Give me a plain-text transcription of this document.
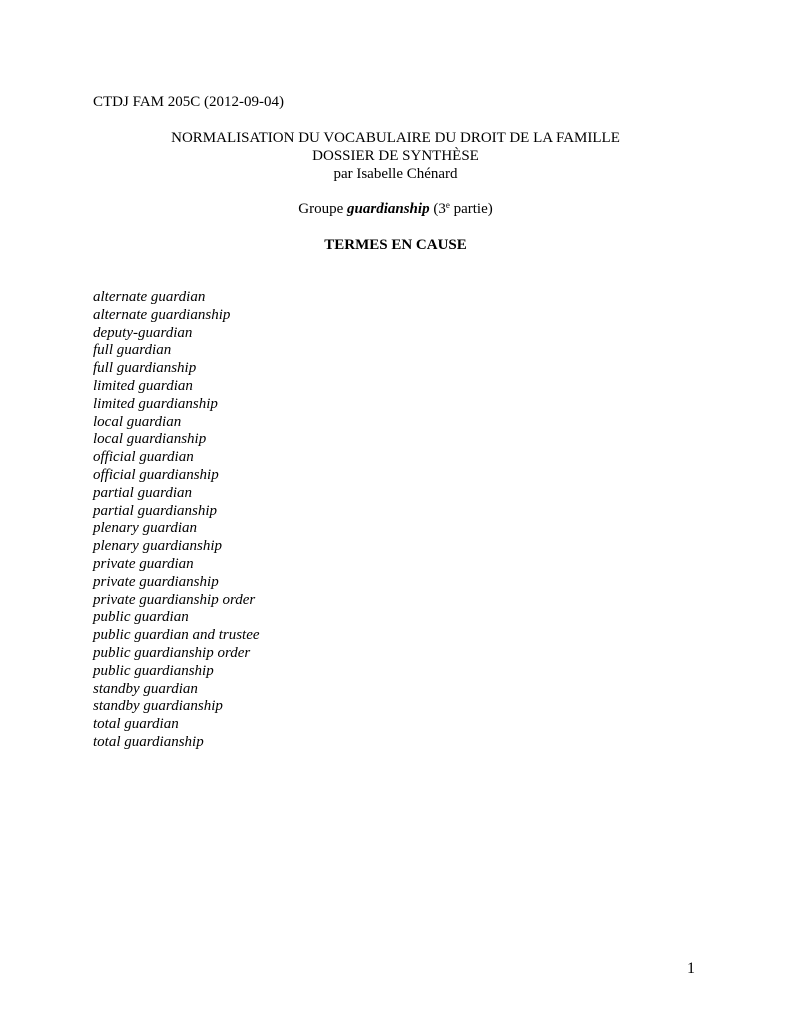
CTDJ FAM 205C (2012-09-04)
NORMALISATION DU VOCABULAIRE DU DROIT DE LA FAMILLE
DOSSIER DE SYNTHÈSE
par Isabelle Chénard
Groupe guardianship (3e partie)
TERMES EN CAUSE
alternate guardian
alternate guardianship
deputy-guardian
full guardian
full guardianship
limited guardian
limited guardianship
local guardian
local guardianship
official guardian
official guardianship
partial guardian
partial guardianship
plenary guardian
plenary guardianship
private guardian
private guardianship
private guardianship order
public guardian
public guardian and trustee
public guardianship order
public guardianship
standby guardian
standby guardianship
total guardian
total guardianship
1
